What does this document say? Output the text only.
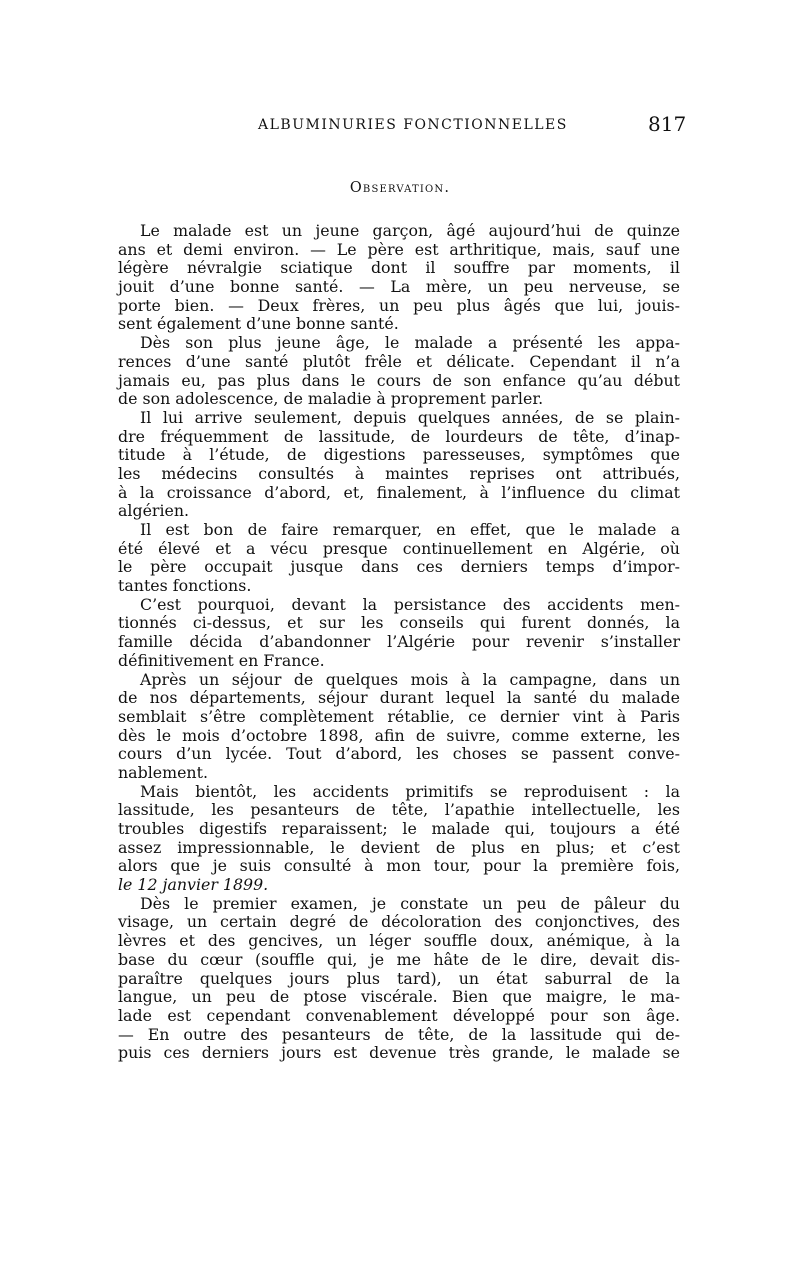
ALBUMINURIES FONCTIONNELLES	817
Observation.
Le malade est un jeune garçon, âgé aujourd’hui de quinze
ans et demi environ. — Le père est arthritique, mais, sauf une
légère névralgie sciatique dont il souffre par moments, il
jouit d’une bonne santé. — La mère, un peu nerveuse, se
porte bien. — Deux frères, un peu plus âgés que lui, jouis-
sent également d’une bonne santé.
Dès son plus jeune âge, le malade a présenté les appa-
rences d’une santé plutôt frêle et délicate. Cependant il n’a
jamais eu, pas plus dans le cours de son enfance qu’au début
de son adolescence, de maladie à proprement parler.
Il lui arrive seulement, depuis quelques années, de se plain-
dre fréquemment de lassitude, de lourdeurs de tête, d’inap-
titude à l’étude, de digestions paresseuses, symptômes que
les médecins consultés à maintes reprises ont attribués,
à la croissance d’abord, et, finalement, à l’influence du climat
algérien.
Il est bon de faire remarquer, en effet, que le malade a
été élevé et a vécu presque continuellement en Algérie, où
le père occupait jusque dans ces derniers temps d’impor-
tantes fonctions.
C’est pourquoi, devant la persistance des accidents men-
tionnés ci-dessus, et sur les conseils qui furent donnés, la
famille décida d’abandonner l’Algérie pour revenir s’installer
définitivement en France.
Après un séjour de quelques mois à la campagne, dans un
de nos départements, séjour durant lequel la santé du malade
semblait s’être complètement rétablie, ce dernier vint à Paris
dès le mois d’octobre 1898, afin de suivre, comme externe, les
cours d’un lycée. Tout d’abord, les choses se passent conve-
nablement.
Mais bientôt, les accidents primitifs se reproduisent : la
lassitude, les pesanteurs de tête, l’apathie intellectuelle, les
troubles digestifs reparaissent; le malade qui, toujours a été
assez impressionnable, le devient de plus en plus; et c’est
alors que je suis consulté à mon tour, pour la première fois,
le 12 janvier 1899.
Dès le premier examen, je constate un peu de pâleur du
visage, un certain degré de décoloration des conjonctives, des
lèvres et des gencives, un léger souffle doux, anémique, à la
base du cœur (souffle qui, je me hâte de le dire, devait dis-
paraître quelques jours plus tard), un état saburral de la
langue, un peu de ptose viscérale. Bien que maigre, le ma-
lade est cependant convenablement développé pour son âge.
— En outre des pesanteurs de tête, de la lassitude qui de-
puis ces derniers jours est devenue très grande, le malade se
